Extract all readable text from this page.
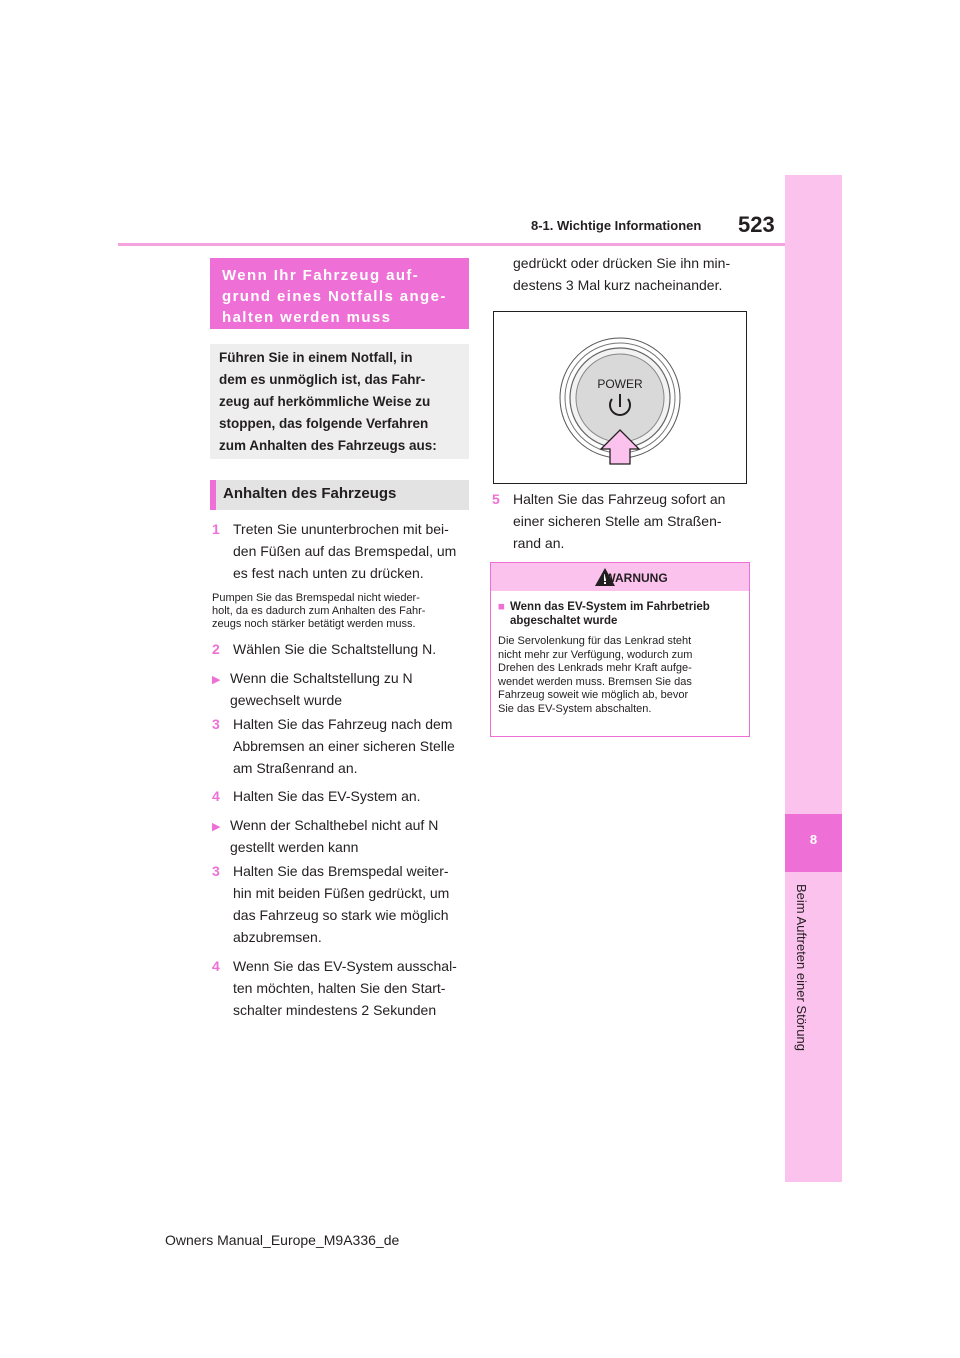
8-1. Wichtige Informationen 523
8
Beim Auftreten einer Störung
Wenn Ihr Fahrzeug auf-
grund eines Notfalls ange-
halten werden muss
Führen Sie in einem Notfall, in
dem es unmöglich ist, das Fahr-
zeug auf herkömmliche Weise zu
stoppen, das folgende Verfahren
zum Anhalten des Fahrzeugs aus:
Anhalten des Fahrzeugs
1 Treten Sie ununterbrochen mit bei-
den Füßen auf das Bremspedal, um
es fest nach unten zu drücken.
Pumpen Sie das Bremspedal nicht wieder-
holt, da es dadurch zum Anhalten des Fahr-
zeugs noch stärker betätigt werden muss.
2 Wählen Sie die Schaltstellung N.
▶ Wenn die Schaltstellung zu N
gewechselt wurde
3 Halten Sie das Fahrzeug nach dem
Abbremsen an einer sicheren Stelle
am Straßenrand an.
4 Halten Sie das EV-System an.
▶ Wenn der Schalthebel nicht auf N
gestellt werden kann
3 Halten Sie das Bremspedal weiter-
hin mit beiden Füßen gedrückt, um
das Fahrzeug so stark wie möglich
abzubremsen.
4 Wenn Sie das EV-System ausschal-
ten möchten, halten Sie den Start-
schalter mindestens 2 Sekunden
gedrückt oder drücken Sie ihn min-
destens 3 Mal kurz nacheinander.
POWER
5 Halten Sie das Fahrzeug sofort an
einer sicheren Stelle am Straßen-
rand an.
WARNUNG
■ Wenn das EV-System im Fahrbetrieb
abgeschaltet wurde
Die Servolenkung für das Lenkrad steht
nicht mehr zur Verfügung, wodurch zum
Drehen des Lenkrads mehr Kraft aufge-
wendet werden muss. Bremsen Sie das
Fahrzeug soweit wie möglich ab, bevor
Sie das EV-System abschalten.
Owners Manual_Europe_M9A336_de
